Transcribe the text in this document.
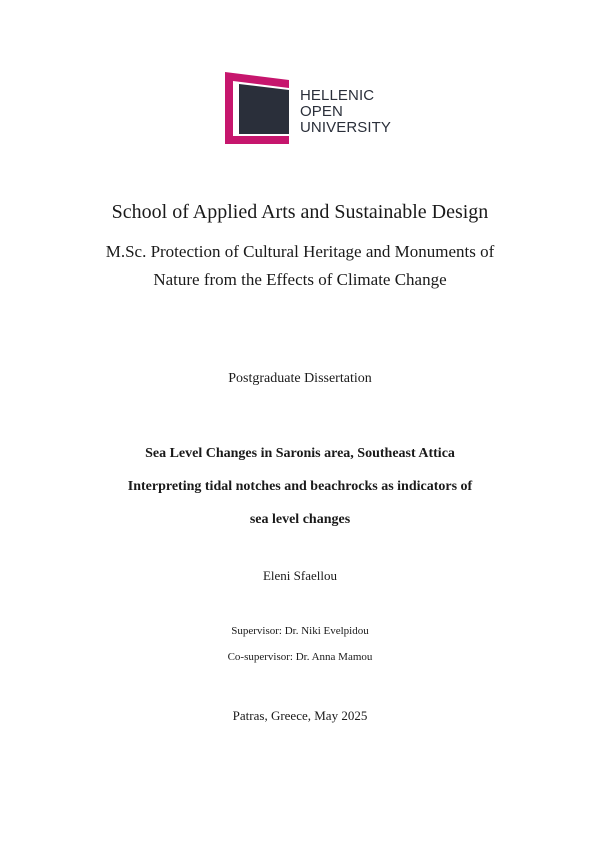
HELLENIC
OPEN
UNIVERSITY
School of Applied Arts and Sustainable Design
M.Sc. Protection of Cultural Heritage and Monuments of
Nature from the Effects of Climate Change
Postgraduate Dissertation
Sea Level Changes in Saronis area, Southeast Attica
Interpreting tidal notches and beachrocks as indicators of
sea level changes
Eleni Sfaellou
Supervisor: Dr. Niki Evelpidou
Co-supervisor: Dr. Anna Mamou
Patras, Greece, May 2025
